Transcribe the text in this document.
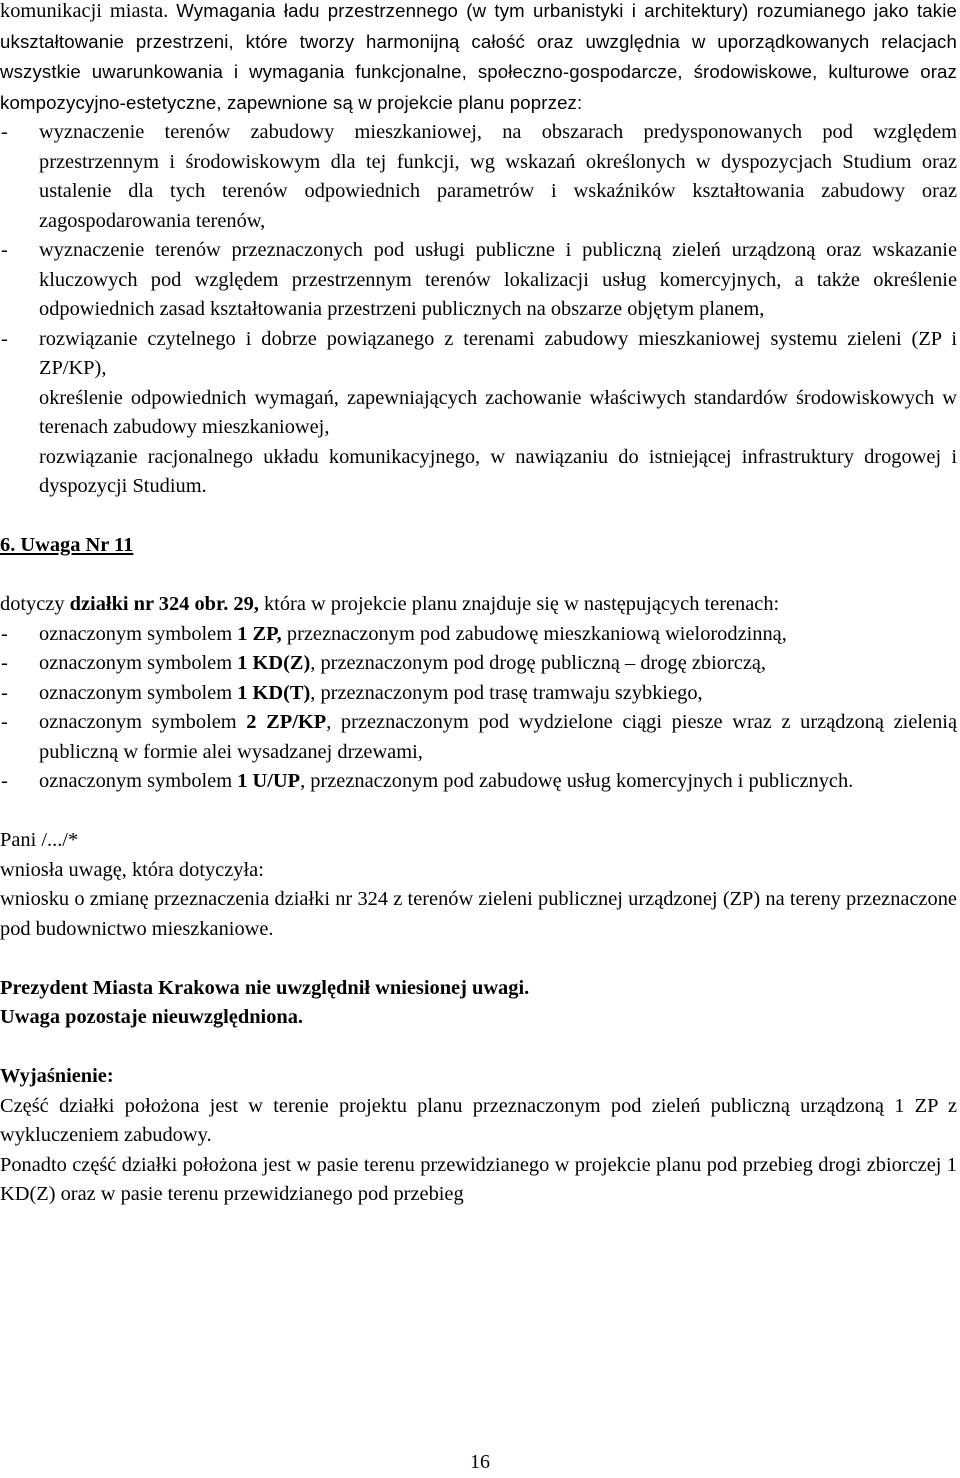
komunikacji miasta. Wymagania ładu przestrzennego (w tym urbanistyki i architektury) rozumianego jako takie ukształtowanie przestrzeni, które tworzy harmonijną całość oraz uwzględnia w uporządkowanych relacjach wszystkie uwarunkowania i wymagania funkcjonalne, społeczno-gospodarcze, środowiskowe, kulturowe oraz kompozycyjno-estetyczne, zapewnione są w projekcie planu poprzez:

- wyznaczenie terenów zabudowy mieszkaniowej, na obszarach predysponowanych pod względem przestrzennym i środowiskowym dla tej funkcji, wg wskazań określonych w dyspozycjach Studium oraz ustalenie dla tych terenów odpowiednich parametrów i wskaźników kształtowania zabudowy oraz zagospodarowania terenów,

- wyznaczenie terenów przeznaczonych pod usługi publiczne i publiczną zieleń urządzoną oraz wskazanie kluczowych pod względem przestrzennym terenów lokalizacji usług komercyjnych, a także określenie odpowiednich zasad kształtowania przestrzeni publicznych na obszarze objętym planem,

- rozwiązanie czytelnego i dobrze powiązanego z terenami zabudowy mieszkaniowej systemu zieleni (ZP i ZP/KP),

określenie odpowiednich wymagań, zapewniających zachowanie właściwych standardów środowiskowych w terenach zabudowy mieszkaniowej,

rozwiązanie racjonalnego układu komunikacyjnego, w nawiązaniu do istniejącej infrastruktury drogowej i dyspozycji Studium.

6. Uwaga Nr 11

dotyczy działki nr 324 obr. 29, która w projekcie planu znajduje się w następujących terenach:

- oznaczonym symbolem 1 ZP, przeznaczonym pod zabudowę mieszkaniową wielorodzinną,

- oznaczonym symbolem 1 KD(Z), przeznaczonym pod drogę publiczną – drogę zbiorczą,

- oznaczonym symbolem 1 KD(T), przeznaczonym pod trasę tramwaju szybkiego,

- oznaczonym symbolem 2 ZP/KP, przeznaczonym pod wydzielone ciągi piesze wraz z urządzoną zielenią publiczną w formie alei wysadzanej drzewami,

- oznaczonym symbolem 1 U/UP, przeznaczonym pod zabudowę usług komercyjnych i publicznych.

Pani /.../*

wniosła uwagę, która dotyczyła:

wniosku o zmianę przeznaczenia działki nr 324 z terenów zieleni publicznej urządzonej (ZP) na tereny przeznaczone pod budownictwo mieszkaniowe.

Prezydent Miasta Krakowa nie uwzględnił wniesionej uwagi.

Uwaga pozostaje nieuwzględniona.

Wyjaśnienie:

Część działki położona jest w terenie projektu planu przeznaczonym pod zieleń publiczną urządzoną 1 ZP z wykluczeniem zabudowy.

Ponadto część działki położona jest w pasie terenu przewidzianego w projekcie planu pod przebieg drogi zbiorczej 1 KD(Z) oraz w pasie terenu przewidzianego pod przebieg

16
